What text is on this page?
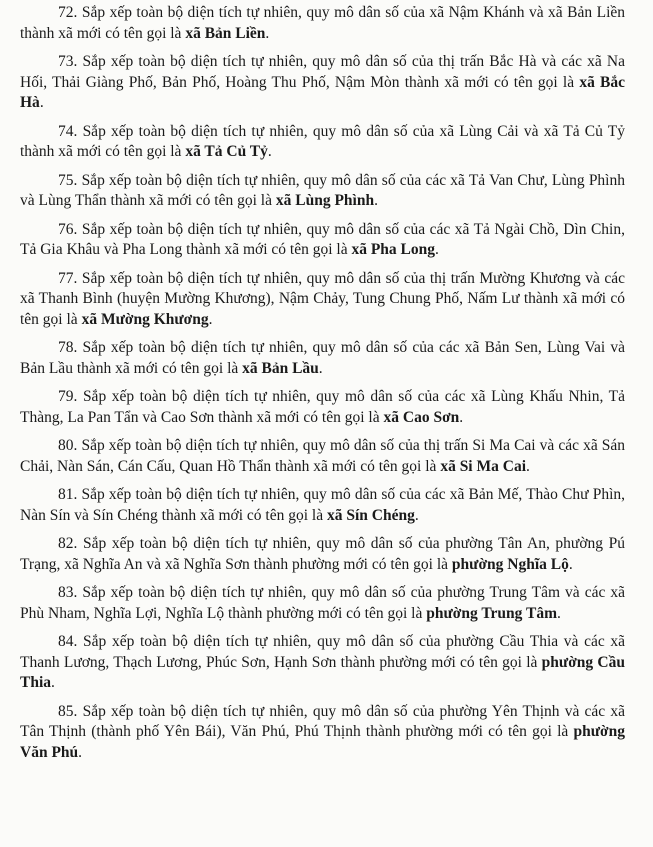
72. Sắp xếp toàn bộ diện tích tự nhiên, quy mô dân số của xã Nậm Khánh và xã Bản Liền thành xã mới có tên gọi là xã Bản Liền.

73. Sắp xếp toàn bộ diện tích tự nhiên, quy mô dân số của thị trấn Bắc Hà và các xã Na Hối, Thải Giàng Phố, Bản Phố, Hoàng Thu Phố, Nậm Mòn thành xã mới có tên gọi là xã Bắc Hà.

74. Sắp xếp toàn bộ diện tích tự nhiên, quy mô dân số của xã Lùng Cải và xã Tả Củ Tỷ thành xã mới có tên gọi là xã Tả Củ Tỷ.

75. Sắp xếp toàn bộ diện tích tự nhiên, quy mô dân số của các xã Tả Van Chư, Lùng Phình và Lùng Thẩn thành xã mới có tên gọi là xã Lùng Phình.

76. Sắp xếp toàn bộ diện tích tự nhiên, quy mô dân số của các xã Tả Ngài Chồ, Dìn Chin, Tả Gia Khâu và Pha Long thành xã mới có tên gọi là xã Pha Long.

77. Sắp xếp toàn bộ diện tích tự nhiên, quy mô dân số của thị trấn Mường Khương và các xã Thanh Bình (huyện Mường Khương), Nậm Chảy, Tung Chung Phố, Nấm Lư thành xã mới có tên gọi là xã Mường Khương.

78. Sắp xếp toàn bộ diện tích tự nhiên, quy mô dân số của các xã Bản Sen, Lùng Vai và Bản Lầu thành xã mới có tên gọi là xã Bản Lầu.

79. Sắp xếp toàn bộ diện tích tự nhiên, quy mô dân số của các xã Lùng Khấu Nhin, Tả Thàng, La Pan Tẩn và Cao Sơn thành xã mới có tên gọi là xã Cao Sơn.

80. Sắp xếp toàn bộ diện tích tự nhiên, quy mô dân số của thị trấn Si Ma Cai và các xã Sán Chải, Nàn Sán, Cán Cấu, Quan Hồ Thẩn thành xã mới có tên gọi là xã Si Ma Cai.

81. Sắp xếp toàn bộ diện tích tự nhiên, quy mô dân số của các xã Bản Mế, Thào Chư Phìn, Nàn Sín và Sín Chéng thành xã mới có tên gọi là xã Sín Chéng.

82. Sắp xếp toàn bộ diện tích tự nhiên, quy mô dân số của phường Tân An, phường Pú Trạng, xã Nghĩa An và xã Nghĩa Sơn thành phường mới có tên gọi là phường Nghĩa Lộ.

83. Sắp xếp toàn bộ diện tích tự nhiên, quy mô dân số của phường Trung Tâm và các xã Phù Nham, Nghĩa Lợi, Nghĩa Lộ thành phường mới có tên gọi là phường Trung Tâm.

84. Sắp xếp toàn bộ diện tích tự nhiên, quy mô dân số của phường Cầu Thia và các xã Thanh Lương, Thạch Lương, Phúc Sơn, Hạnh Sơn thành phường mới có tên gọi là phường Cầu Thia.

85. Sắp xếp toàn bộ diện tích tự nhiên, quy mô dân số của phường Yên Thịnh và các xã Tân Thịnh (thành phố Yên Bái), Văn Phú, Phú Thịnh thành phường mới có tên gọi là phường Văn Phú.
